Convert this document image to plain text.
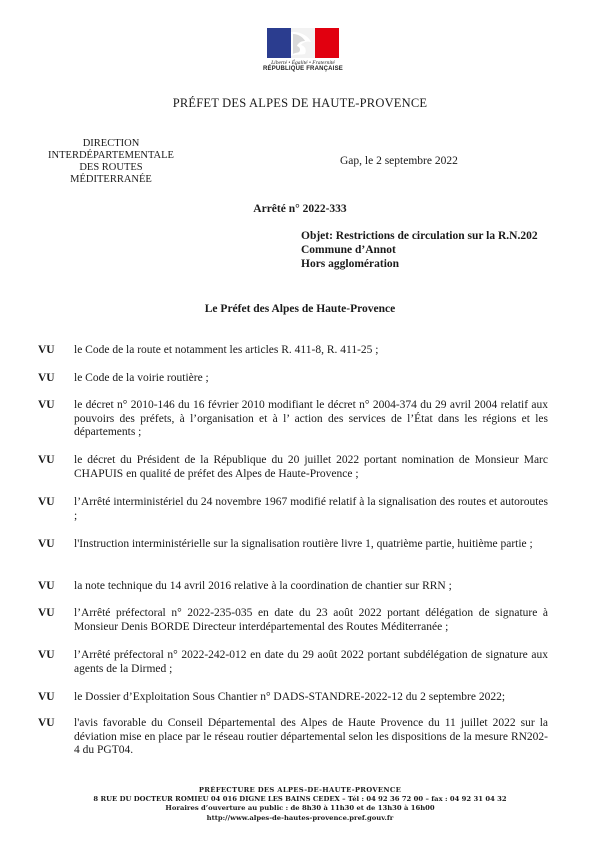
Liberté • Égalité • Fraternité
RÉPUBLIQUE FRANÇAISE
PRÉFET DES ALPES DE HAUTE-PROVENCE
DIRECTION
INTERDÉPARTEMENTALE
DES ROUTES
MÉDITERRANÉE
Gap, le 2 septembre 2022
Arrêté n° 2022-333
Objet: Restrictions de circulation sur la R.N.202
Commune d’Annot
Hors agglomération
Le Préfet des Alpes de Haute-Provence
VU le Code de la route et notamment les articles R. 411-8, R. 411-25 ;
VU le Code de la voirie routière ;
VU le décret n° 2010-146 du 16 février 2010 modifiant le décret n° 2004-374 du 29 avril 2004 relatif aux pouvoirs des préfets, à l’organisation et à l’ action des services de l’État dans les régions et les départements ;
VU le décret du Président de la République du 20 juillet 2022 portant nomination de Monsieur Marc CHAPUIS en qualité de préfet des Alpes de Haute-Provence ;
VU l’Arrêté interministériel du 24 novembre 1967 modifié relatif à la signalisation des routes et autoroutes ;
VU l'Instruction interministérielle sur la signalisation routière livre 1, quatrième partie, huitième partie ;
VU la note technique du 14 avril 2016 relative à la coordination de chantier sur RRN ;
VU l’Arrêté préfectoral n° 2022-235-035 en date du 23 août 2022 portant délégation de signature à Monsieur Denis BORDE Directeur interdépartemental des Routes Méditerranée ;
VU l’Arrêté préfectoral n° 2022-242-012 en date du 29 août 2022 portant subdélégation de signature aux agents de la Dirmed ;
VU le Dossier d’Exploitation Sous Chantier n° DADS-STANDRE-2022-12 du 2 septembre 2022;
VU l'avis favorable du Conseil Départemental des Alpes de Haute Provence du 11 juillet 2022 sur la déviation mise en place par le réseau routier départemental selon les dispositions de la mesure RN202-4 du PGT04.
PRÉFECTURE DES ALPES-DE-HAUTE-PROVENCE
8 RUE DU DOCTEUR ROMIEU 04 016 DIGNE LES BAINS CEDEX – Tél : 04 92 36 72 00 – fax : 04 92 31 04 32
Horaires d’ouverture au public : de 8h30 à 11h30 et de 13h30 à 16h00
http://www.alpes-de-hautes-provence.pref.gouv.fr
